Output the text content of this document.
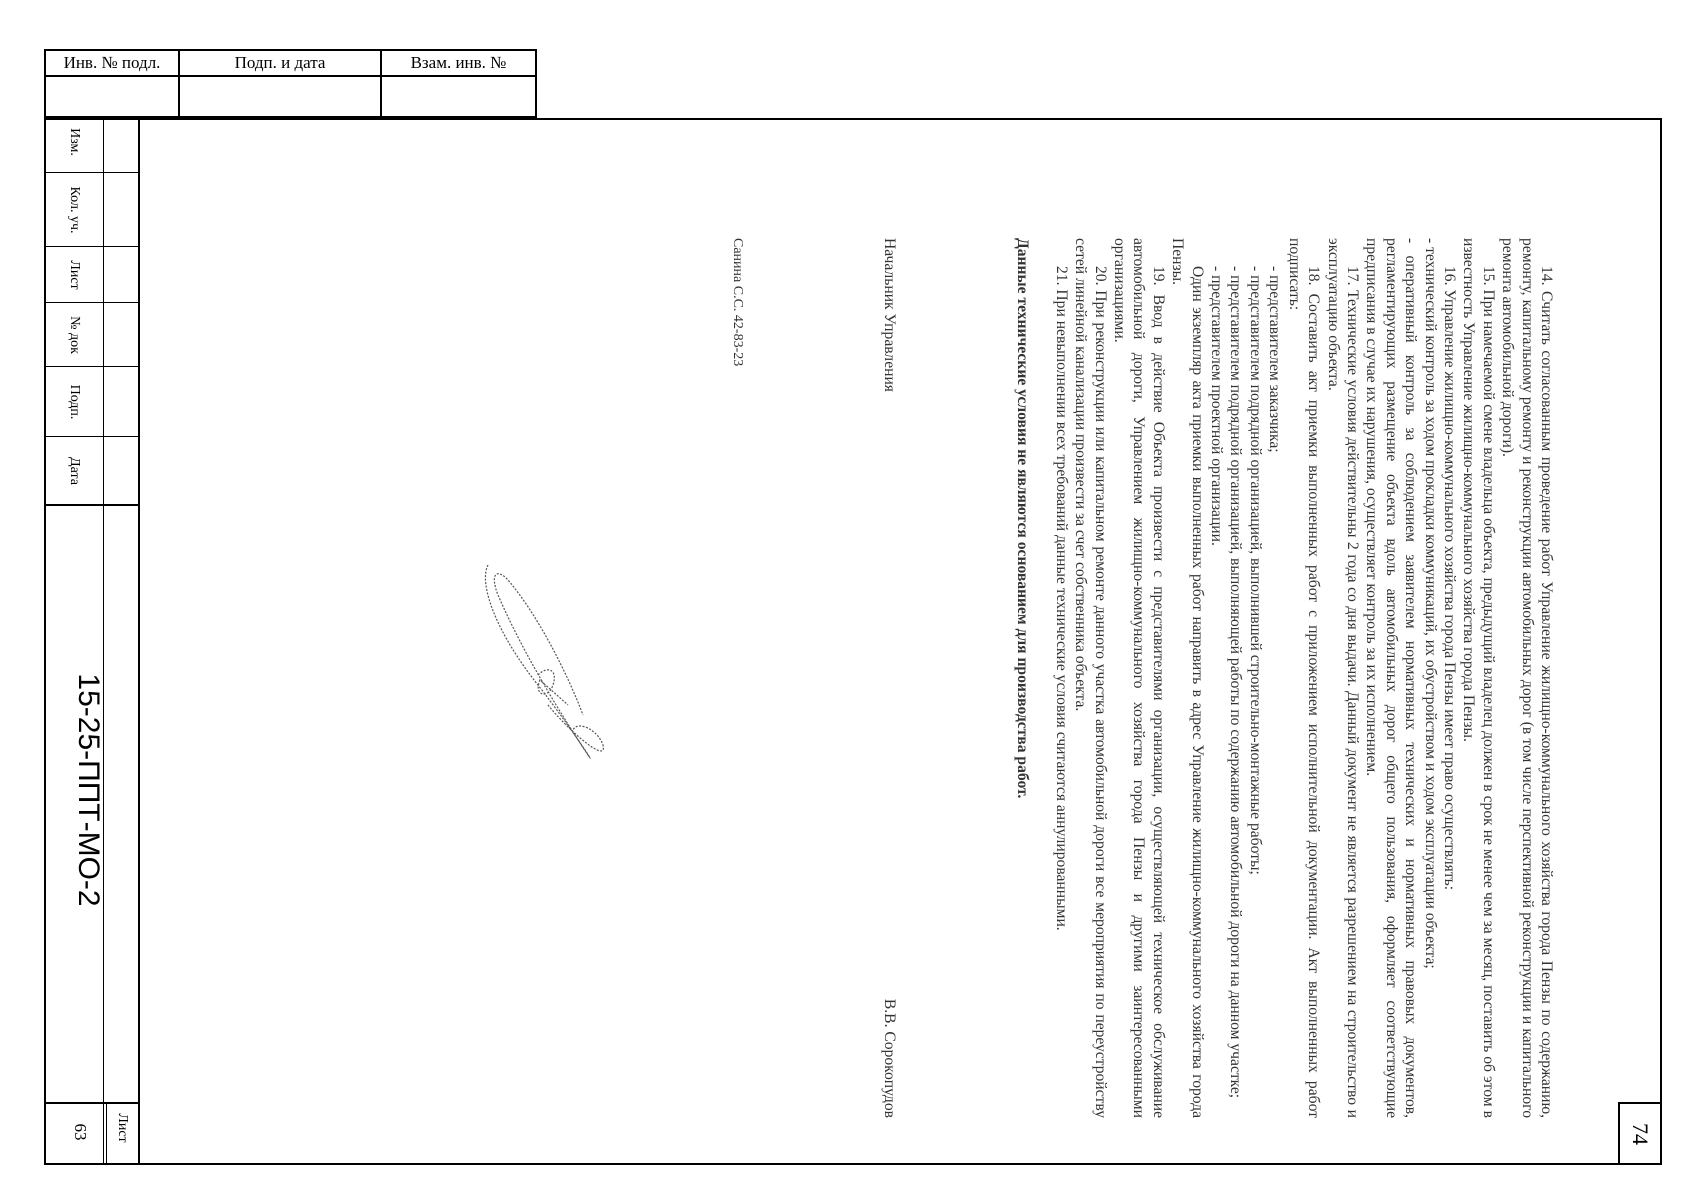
Инв. № подл.	Подп. и дата	Взам. инв. №
Изм.
Кол. уч.
Лист
№ док
Подп.
Дата
15-25-ППТ-МО-2
Лист
63	74

14. Считать согласованным проведение работ Управление жилищно-коммунального хозяйства города Пензы по содержанию, ремонту, капитальному ремонту и реконструкции автомобильных дорог (в том числе перспективной реконструкции и капитального ремонта автомобильной дороги).

15. При намечаемой смене владельца объекта, предыдущий владелец должен в срок не менее чем за месяц, поставить об этом в известность Управление жилищно-коммунального хозяйства города Пензы.

16. Управление жилищно-коммунального хозяйства города Пензы имеет право осуществлять:

- технический контроль за ходом прокладки коммуникаций, их обустройством и ходом эксплуатации объекта;

- оперативный контроль за соблюдением заявителем нормативных технических и нормативных правовых документов, регламентирующих размещение объекта вдоль автомобильных дорог общего пользования, оформляет соответствующие предписания в случае их нарушения, осуществляет контроль за их исполнением.

17. Технические условия действительны 2 года со дня выдачи. Данный документ не является разрешением на строительство и эксплуатацию объекта.

18. Составить акт приемки выполненных работ с приложением исполнительной документации. Акт выполненных работ подписать:

- представителем заказчика;

- представителем подрядной организацией, выполнившей строительно-монтажные работы;

- представителем подрядной организацией, выполняющей работы по содержанию автомобильной дороги на данном участке;

- представителем проектной организации.

Один экземпляр акта приемки выполненных работ направить в адрес Управление жилищно-коммунального хозяйства города Пензы.

19. Ввод в действие Объекта произвести с представителями организации, осуществляющей техническое обслуживание автомобильной дороги, Управлением жилищно-коммунального хозяйства города Пензы и другими заинтересованными организациями.

20. При реконструкции или капитальном ремонте данного участка автомобильной дороги все мероприятия по переустройству сетей линейной канализации произвести за счет собственника объекта.

21. При невыполнении всех требований данные технические условия считаются аннулированными.

Данные технические условия не являются основанием для производства работ.

Начальник Управления
В.В. Сорокопудов

Санина С.С. 42-83-23
